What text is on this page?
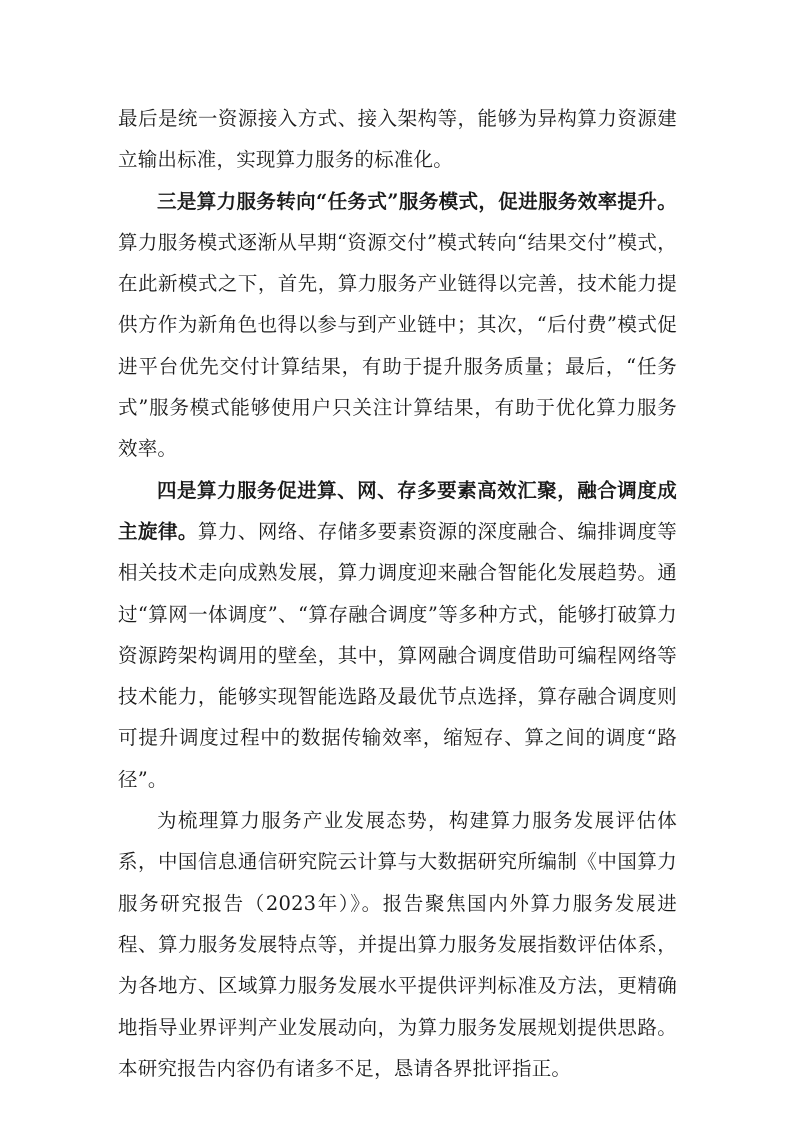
最后是统一资源接入方式、接入架构等，能够为异构算力资源建立输出标准，实现算力服务的标准化。

三是算力服务转向“任务式”服务模式，促进服务效率提升。算力服务模式逐渐从早期“资源交付”模式转向“结果交付”模式，在此新模式之下，首先，算力服务产业链得以完善，技术能力提供方作为新角色也得以参与到产业链中；其次，“后付费”模式促进平台优先交付计算结果，有助于提升服务质量；最后，“任务式”服务模式能够使用户只关注计算结果，有助于优化算力服务效率。

四是算力服务促进算、网、存多要素高效汇聚，融合调度成主旋律。算力、网络、存储多要素资源的深度融合、编排调度等相关技术走向成熟发展，算力调度迎来融合智能化发展趋势。通过“算网一体调度”、“算存融合调度”等多种方式，能够打破算力资源跨架构调用的壁垒，其中，算网融合调度借助可编程网络等技术能力，能够实现智能选路及最优节点选择，算存融合调度则可提升调度过程中的数据传输效率，缩短存、算之间的调度“路径”。

为梳理算力服务产业发展态势，构建算力服务发展评估体系，中国信息通信研究院云计算与大数据研究所编制《中国算力服务研究报告（2023年）》。报告聚焦国内外算力服务发展进程、算力服务发展特点等，并提出算力服务发展指数评估体系，为各地方、区域算力服务发展水平提供评判标准及方法，更精确地指导业界评判产业发展动向，为算力服务发展规划提供思路。本研究报告内容仍有诸多不足，恳请各界批评指正。
